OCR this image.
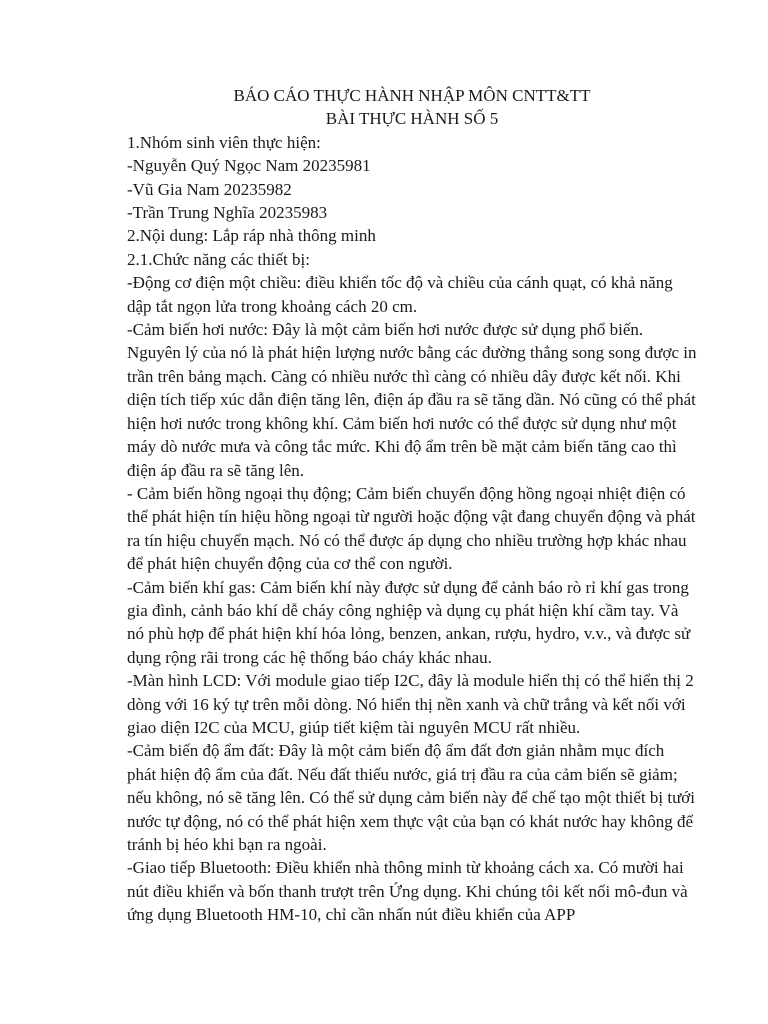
BÁO CÁO THỰC HÀNH NHẬP MÔN CNTT&TT
BÀI THỰC HÀNH SỐ 5

1.Nhóm sinh viên thực hiện:

-Nguyễn Quý Ngọc Nam 20235981

-Vũ Gia Nam 20235982

-Trần Trung Nghĩa 20235983

2.Nội dung: Lắp ráp nhà thông minh

2.1.Chức năng các thiết bị:

-Động cơ điện một chiều: điều khiển tốc độ và chiều của cánh quạt, có khả năng dập tắt ngọn lửa trong khoảng cách 20 cm.

-Cảm biến hơi nước: Đây là một cảm biến hơi nước được sử dụng phổ biến. Nguyên lý của nó là phát hiện lượng nước bằng các đường thẳng song song được in trần trên bảng mạch. Càng có nhiều nước thì càng có nhiều dây được kết nối. Khi diện tích tiếp xúc dẫn điện tăng lên, điện áp đầu ra sẽ tăng dần. Nó cũng có thể phát hiện hơi nước trong không khí. Cảm biến hơi nước có thể được sử dụng như một máy dò nước mưa và công tắc mức. Khi độ ẩm trên bề mặt cảm biến tăng cao thì điện áp đầu ra sẽ tăng lên.

- Cảm biến hồng ngoại thụ động; Cảm biến chuyển động hồng ngoại nhiệt điện có thể phát hiện tín hiệu hồng ngoại từ người hoặc động vật đang chuyển động và phát ra tín hiệu chuyển mạch. Nó có thể được áp dụng cho nhiều trường hợp khác nhau để phát hiện chuyển động của cơ thể con người.

-Cảm biến khí gas: Cảm biến khí này được sử dụng để cảnh báo rò rỉ khí gas trong gia đình, cảnh báo khí dễ cháy công nghiệp và dụng cụ phát hiện khí cầm tay. Và nó phù hợp để phát hiện khí hóa lỏng, benzen, ankan, rượu, hydro, v.v., và được sử dụng rộng rãi trong các hệ thống báo cháy khác nhau.

-Màn hình LCD: Với module giao tiếp I2C, đây là module hiển thị có thể hiển thị 2 dòng với 16 ký tự trên mỗi dòng. Nó hiển thị nền xanh và chữ trắng và kết nối với giao diện I2C của MCU, giúp tiết kiệm tài nguyên MCU rất nhiều.

-Cảm biến độ ẩm đất: Đây là một cảm biến độ ẩm đất đơn giản nhằm mục đích phát hiện độ ẩm của đất. Nếu đất thiếu nước, giá trị đầu ra của cảm biến sẽ giảm; nếu không, nó sẽ tăng lên. Có thể sử dụng cảm biến này để chế tạo một thiết bị tưới nước tự động, nó có thể phát hiện xem thực vật của bạn có khát nước hay không để tránh bị héo khi bạn ra ngoài.

-Giao tiếp Bluetooth: Điều khiển nhà thông minh từ khoảng cách xa. Có mười hai nút điều khiển và bốn thanh trượt trên Ứng dụng. Khi chúng tôi kết nối mô-đun và ứng dụng Bluetooth HM-10, chỉ cần nhấn nút điều khiển của APP
